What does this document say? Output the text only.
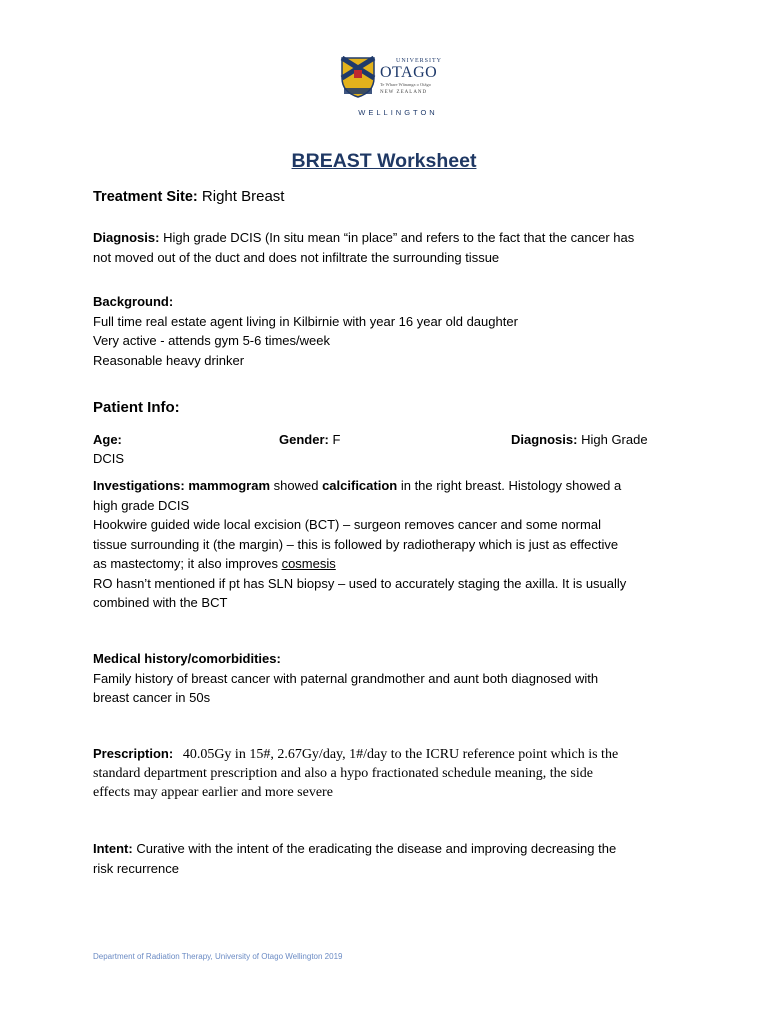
UNIVERSITY
OTAGO
Te Whare Wānanga o Otāgo
NEW ZEALAND
WELLINGTON
BREAST Worksheet
Treatment Site: Right Breast
Diagnosis: High grade DCIS (In situ mean “in place” and refers to the fact that the cancer has
not moved out of the duct and does not infiltrate the surrounding tissue
Background:
Full time real estate agent living in Kilbirnie with year 16 year old daughter
Very active - attends gym 5-6 times/week
Reasonable heavy drinker
Patient Info:
Age:	Gender: F	Diagnosis: High Grade
DCIS
Investigations: mammogram showed calcification in the right breast. Histology showed a
high grade DCIS
Hookwire guided wide local excision (BCT) – surgeon removes cancer and some normal
tissue surrounding it (the margin) – this is followed by radiotherapy which is just as effective
as mastectomy; it also improves cosmesis
RO hasn’t mentioned if pt has SLN biopsy – used to accurately staging the axilla. It is usually
combined with the BCT
Medical history/comorbidities:
Family history of breast cancer with paternal grandmother and aunt both diagnosed with
breast cancer in 50s
Prescription: 40.05Gy in 15#, 2.67Gy/day, 1#/day to the ICRU reference point which is the
standard department prescription and also a hypo fractionated schedule meaning, the side
effects may appear earlier and more severe
Intent: Curative with the intent of the eradicating the disease and improving decreasing the
risk recurrence
Department of Radiation Therapy, University of Otago Wellington 2019
